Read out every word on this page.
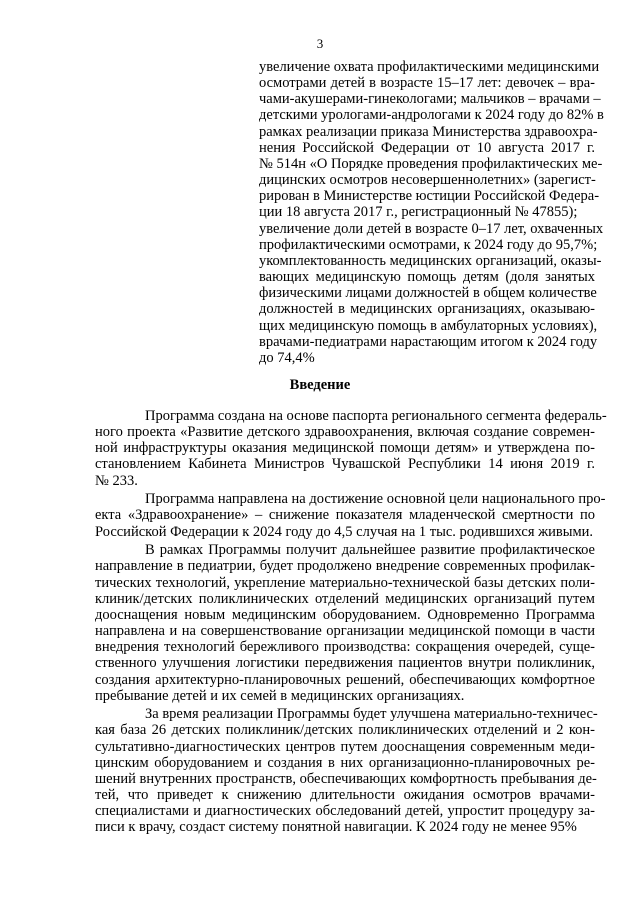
3

увеличение охвата профилактическими медицинскими
осмотрами детей в возрасте 15–17 лет: девочек – вра-
чами-акушерами-гинекологами; мальчиков – врачами –
детскими урологами-андрологами к 2024 году до 82% в
рамках реализации приказа Министерства здравоохра-
нения Российской Федерации от 10 августа 2017 г.
№ 514н «О Порядке проведения профилактических ме-
дицинских осмотров несовершеннолетних» (зарегист-
рирован в Министерстве юстиции Российской Федера-
ции 18 августа 2017 г., регистрационный № 47855);

увеличение доли детей в возрасте 0–17 лет, охваченных
профилактическими осмотрами, к 2024 году до 95,7%;

укомплектованность медицинских организаций, оказы-
вающих медицинскую помощь детям (доля занятых
физическими лицами должностей в общем количестве
должностей в медицинских организациях, оказываю-
щих медицинскую помощь в амбулаторных условиях),
врачами-педиатрами нарастающим итогом к 2024 году
до 74,4%

Введение

Программа создана на основе паспорта регионального сегмента федераль-
ного проекта «Развитие детского здравоохранения, включая создание современ-
ной инфраструктуры оказания медицинской помощи детям» и утверждена по-
становлением Кабинета Министров Чувашской Республики 14 июня 2019 г.
№ 233.

Программа направлена на достижение основной цели национального про-
екта «Здравоохранение» – снижение показателя младенческой смертности по
Российской Федерации к 2024 году до 4,5 случая на 1 тыс. родившихся живыми.

В рамках Программы получит дальнейшее развитие профилактическое
направление в педиатрии, будет продолжено внедрение современных профилак-
тических технологий, укрепление материально-технической базы детских поли-
клиник/детских поликлинических отделений медицинских организаций путем
дооснащения новым медицинским оборудованием. Одновременно Программа
направлена и на совершенствование организации медицинской помощи в части
внедрения технологий бережливого производства: сокращения очередей, суще-
ственного улучшения логистики передвижения пациентов внутри поликлиник,
создания архитектурно-планировочных решений, обеспечивающих комфортное
пребывание детей и их семей в медицинских организациях.

За время реализации Программы будет улучшена материально-техничес-
кая база 26 детских поликлиник/детских поликлинических отделений и 2 кон-
сультативно-диагностических центров путем дооснащения современным меди-
цинским оборудованием и создания в них организационно-планировочных ре-
шений внутренних пространств, обеспечивающих комфортность пребывания де-
тей, что приведет к снижению длительности ожидания осмотров врачами-
специалистами и диагностических обследований детей, упростит процедуру за-
писи к врачу, создаст систему понятной навигации. К 2024 году не менее 95%
